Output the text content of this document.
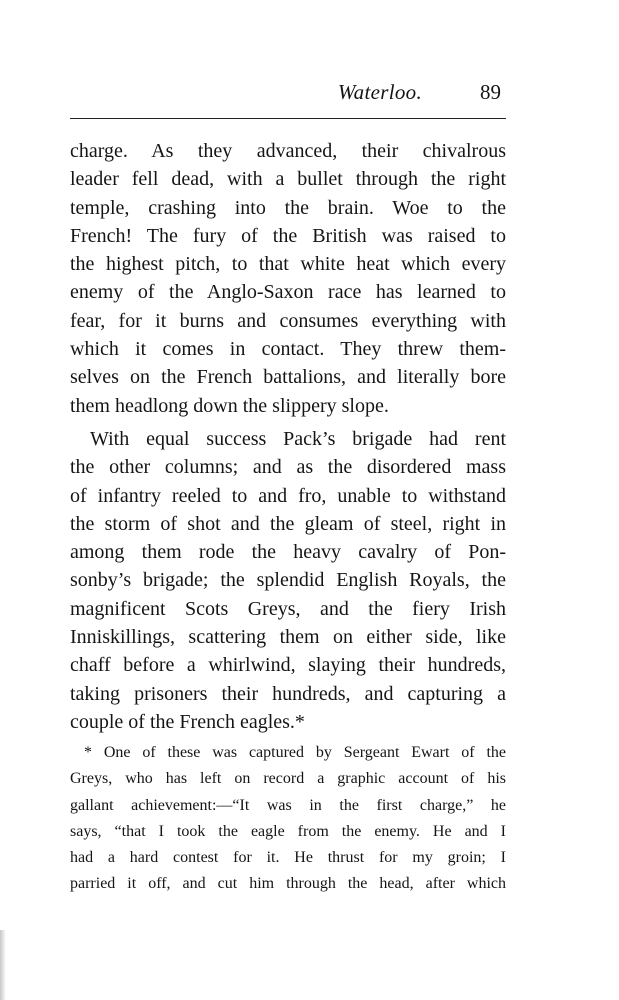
Waterloo.	89
charge. As they advanced, their chivalrous
leader fell dead, with a bullet through the right
temple, crashing into the brain. Woe to the
French! The fury of the British was raised to
the highest pitch, to that white heat which every
enemy of the Anglo-Saxon race has learned to
fear, for it burns and consumes everything with
which it comes in contact. They threw them-
selves on the French battalions, and literally bore
them headlong down the slippery slope.
With equal success Pack’s brigade had rent
the other columns; and as the disordered mass
of infantry reeled to and fro, unable to withstand
the storm of shot and the gleam of steel, right in
among them rode the heavy cavalry of Pon-
sonby’s brigade; the splendid English Royals, the
magnificent Scots Greys, and the fiery Irish
Inniskillings, scattering them on either side, like
chaff before a whirlwind, slaying their hundreds,
taking prisoners their hundreds, and capturing a
couple of the French eagles.*
* One of these was captured by Sergeant Ewart of the
Greys, who has left on record a graphic account of his
gallant achievement:—“It was in the first charge,” he
says, “that I took the eagle from the enemy. He and I
had a hard contest for it. He thrust for my groin; I
parried it off, and cut him through the head, after which
